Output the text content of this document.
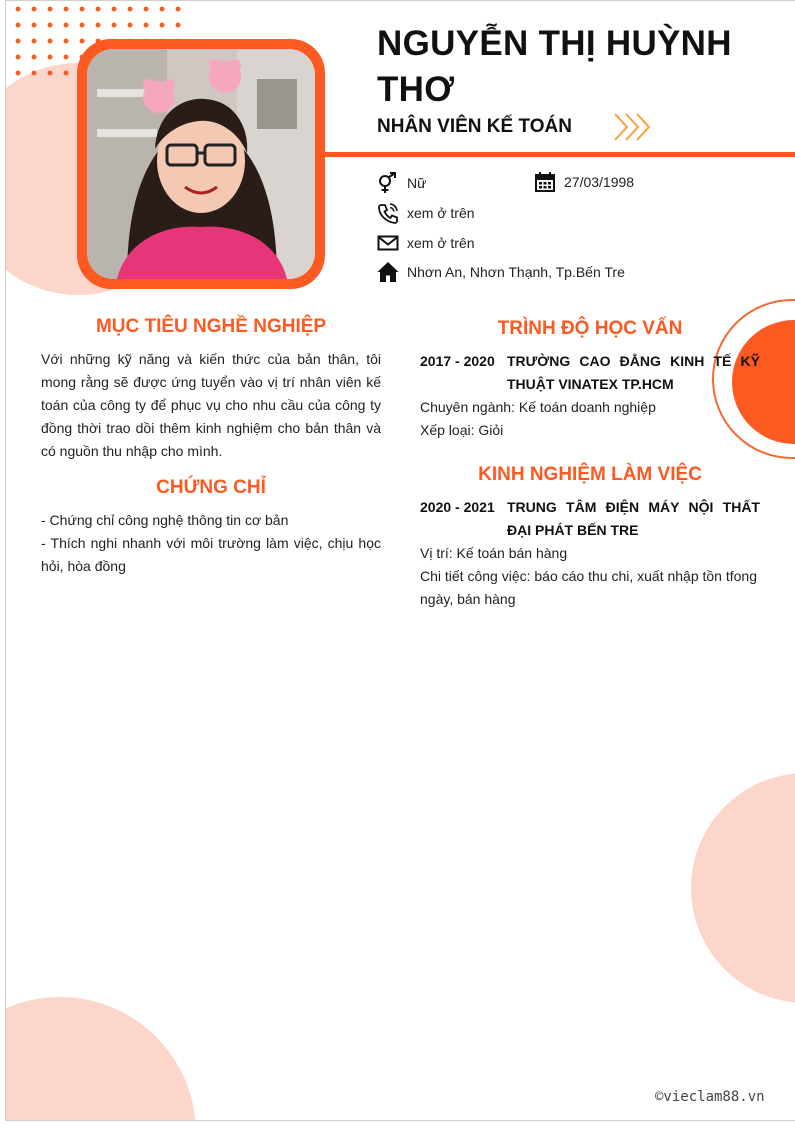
NGUYỄN THỊ HUỲNH THƠ
NHÂN VIÊN KẾ TOÁN
Nữ	27/03/1998
xem ở trên
xem ở trên
Nhơn An, Nhơn Thạnh, Tp.Bến Tre
MỤC TIÊU NGHỀ NGHIỆP

Với những kỹ năng và kiến thức của bản thân, tôi mong rằng sẽ được ứng tuyển vào vị trí nhân viên kế toán của công ty để phục vụ cho nhu cầu của công ty đồng thời trao dồi thêm kinh nghiệm cho bản thân và có nguồn thu nhập cho mình.

CHỨNG CHỈ

- Chứng chỉ công nghệ thông tin cơ bản

- Thích nghi nhanh với môi trường làm việc, chịu học hỏi, hòa đồng

TRÌNH ĐỘ HỌC VẤN
2017 - 2020 TRƯỜNG CAO ĐẲNG KINH TẾ KỸ THUẬT VINATEX TP.HCM

Chuyên ngành: Kế toán doanh nghiệp

Xếp loại: Giỏi

KINH NGHIỆM LÀM VIỆC
2020 - 2021 TRUNG TÂM ĐIỆN MÁY NỘI THẤT ĐẠI PHÁT BẾN TRE

Vị trí: Kế toán bán hàng

Chi tiết công việc: báo cáo thu chi, xuất nhập tồn tfong ngày, bán hàng

©vieclam88.vn
